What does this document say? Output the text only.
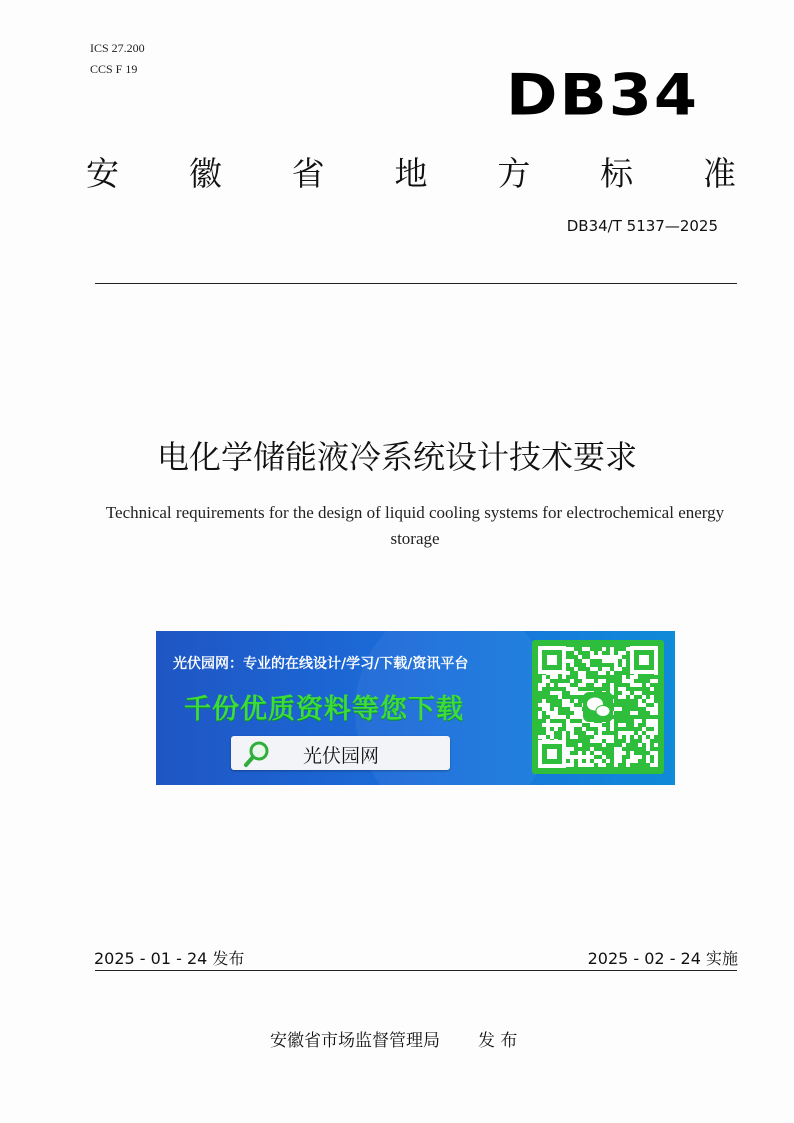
ICS 27.200
CCS F 19	DB34
安 徽 省 地 方 标 准
DB34/T 5137—2025
电化学储能液冷系统设计技术要求
Technical requirements for the design of liquid cooling systems for electrochemical energy storage
光伏园网：专业的在线设计/学习/下载/资讯平台
千份优质资料等您下载
光伏园网
2025 - 01 - 24 发布	2025 - 02 - 24 实施
安徽省市场监督管理局 发 布
